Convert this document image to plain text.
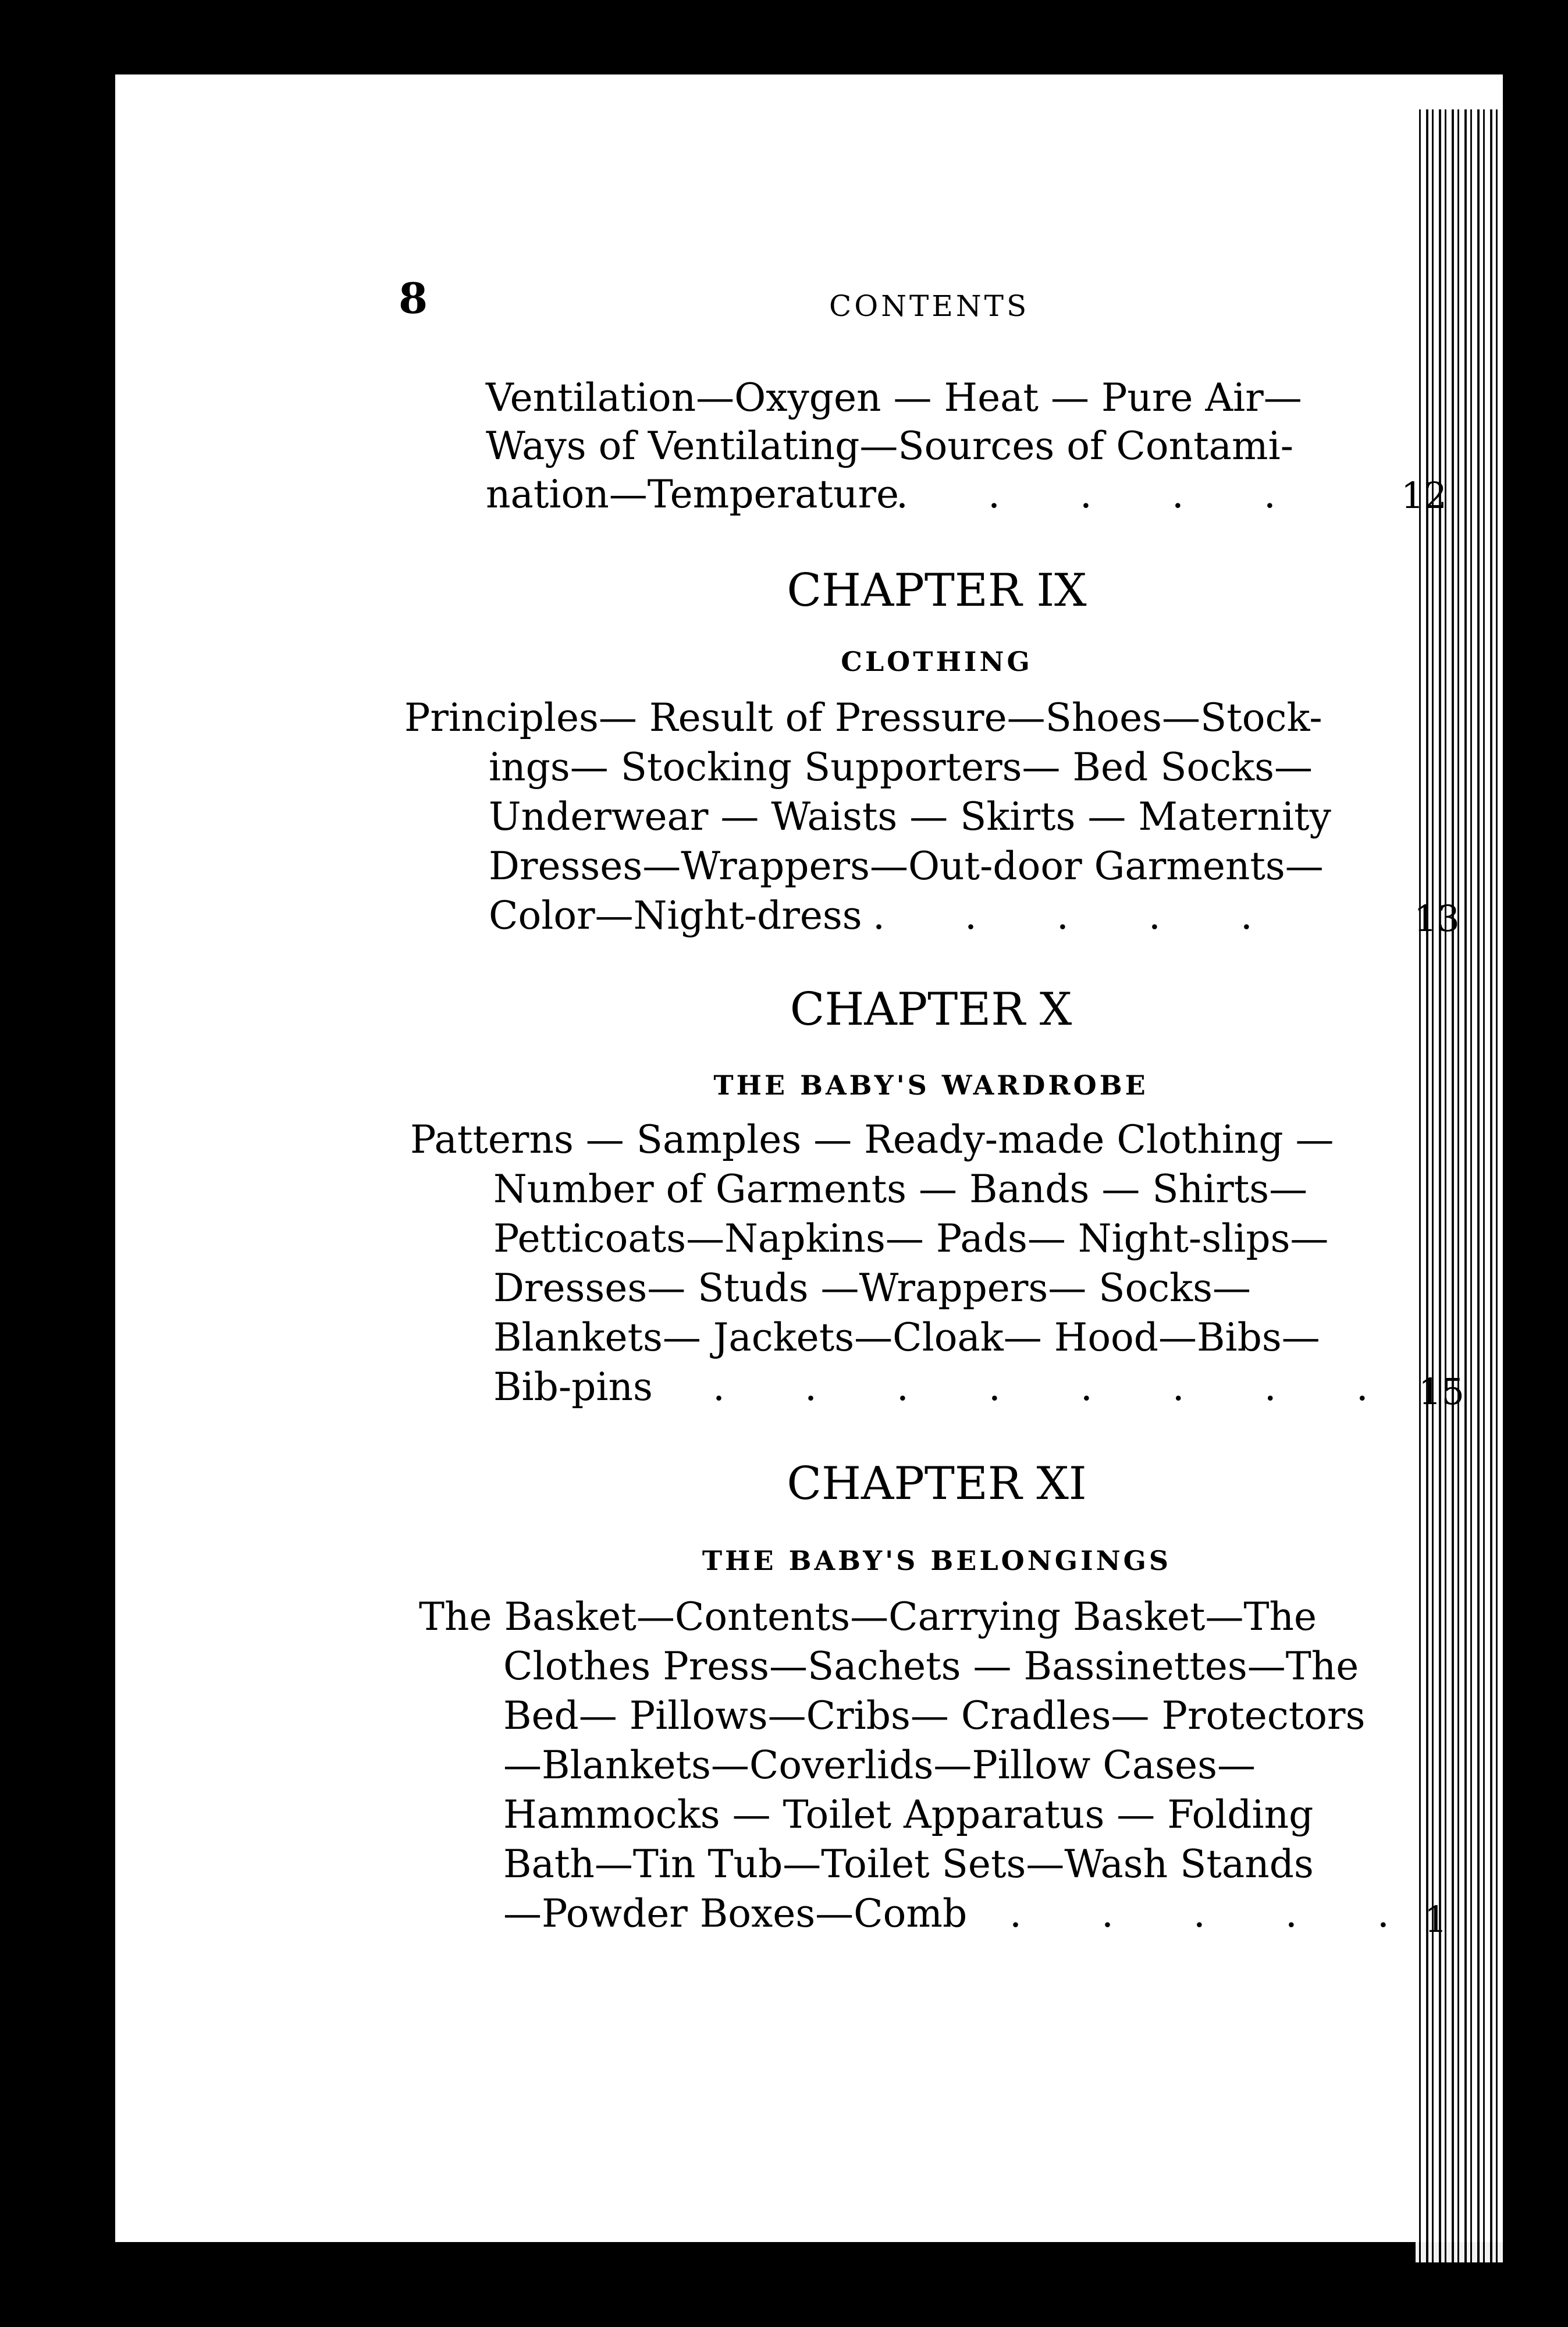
8	CONTENTS
Ventilation—Oxygen — Heat — Pure Air—
Ways of Ventilating—Sources of Contami-
nation—Temperature
. . . . .	12
CHAPTER IX
CLOTHING
Principles— Result of Pressure—Shoes—Stock-
ings— Stocking Supporters— Bed Socks—
Underwear — Waists — Skirts — Maternity
Dresses—Wrappers—Out-door Garments—
Color—Night-dress . . . . .	13
CHAPTER X
THE BABY'S WARDROBE
Patterns — Samples — Ready-made Clothing —
Number of Garments — Bands — Shirts—
Petticoats—Napkins— Pads— Night-slips—
Dresses— Studs —Wrappers— Socks—
Blankets— Jackets—Cloak— Hood—Bibs—
Bib-pins . . . . . . . . 15
CHAPTER XI
THE BABY'S BELONGINGS
The Basket—Contents—Carrying Basket—The
Clothes Press—Sachets — Bassinettes—The
Bed— Pillows—Cribs— Cradles— Protectors
—Blankets—Coverlids—Pillow Cases—
Hammocks — Toilet Apparatus — Folding
Bath—Tin Tub—Toilet Sets—Wash Stands
—Powder Boxes—Comb . . . . . 1
